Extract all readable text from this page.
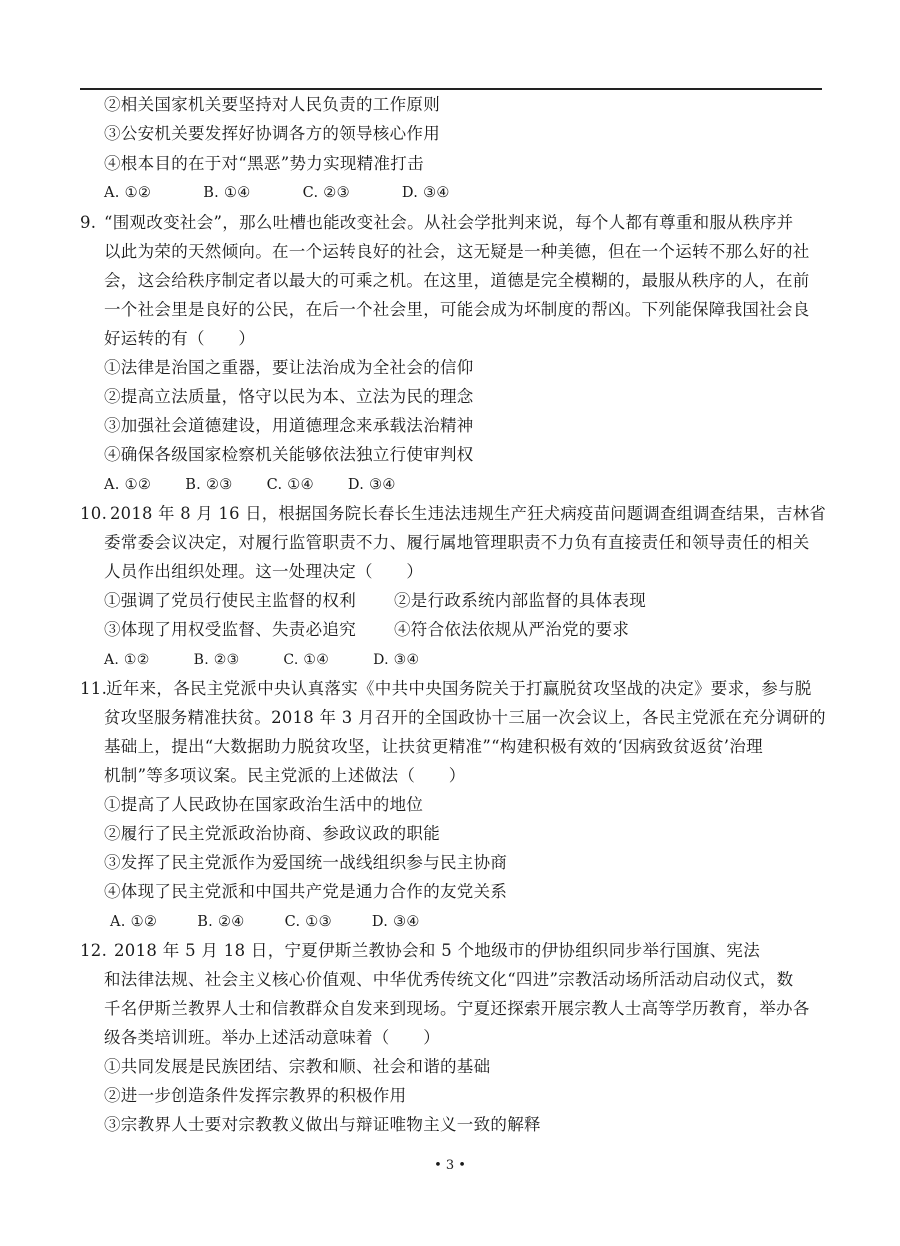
②相关国家机关要坚持对人民负责的工作原则
③公安机关要发挥好协调各方的领导核心作用
④根本目的在于对“黑恶”势力实现精准打击
A. ①②	B. ①④	C. ②③	D. ③④
9. “围观改变社会”，那么吐槽也能改变社会。从社会学批判来说，每个人都有尊重和服从秩序并
以此为荣的天然倾向。在一个运转良好的社会，这无疑是一种美德，但在一个运转不那么好的社
会，这会给秩序制定者以最大的可乘之机。在这里，道德是完全模糊的，最服从秩序的人，在前
一个社会里是良好的公民，在后一个社会里，可能会成为坏制度的帮凶。下列能保障我国社会良
好运转的有（　　）
①法律是治国之重器，要让法治成为全社会的信仰
②提高立法质量，恪守以民为本、立法为民的理念
③加强社会道德建设，用道德理念来承载法治精神
④确保各级国家检察机关能够依法独立行使审判权
A. ①② B. ②③ C. ①④ D. ③④
10. 2018 年 8 月 16 日，根据国务院长春长生违法违规生产狂犬病疫苗问题调查组调查结果，吉林省
委常委会议决定，对履行监管职责不力、履行属地管理职责不力负有直接责任和领导责任的相关
人员作出组织处理。这一处理决定（　　）
①强调了党员行使民主监督的权利 ②是行政系统内部监督的具体表现
③体现了用权受监督、失责必追究 ④符合依法依规从严治党的要求
A. ①②	B. ②③	C. ①④	D. ③④
11.
近年来，各民主党派中央认真落实《中共中央国务院关于打赢脱贫攻坚战的决定》要求，参与脱
贫攻坚服务精准扶贫。2018 年 3 月召开的全国政协十三届一次会议上，各民主党派在充分调研的
基础上，提出“大数据助力脱贫攻坚，让扶贫更精准”“构建积极有效的‘因病致贫返贫’治理
机制”等多项议案。民主党派的上述做法（　　）
①提高了人民政协在国家政治生活中的地位
②履行了民主党派政治协商、参政议政的职能
③发挥了民主党派作为爱国统一战线组织参与民主协商
④体现了民主党派和中国共产党是通力合作的友党关系
A. ①②	B. ②④	C. ①③	D. ③④
12. 2018 年 5 月 18 日，宁夏伊斯兰教协会和 5 个地级市的伊协组织同步举行国旗、宪法
和法律法规、社会主义核心价值观、中华优秀传统文化“四进”宗教活动场所活动启动仪式，数
千名伊斯兰教界人士和信教群众自发来到现场。宁夏还探索开展宗教人士高等学历教育，举办各
级各类培训班。举办上述活动意味着（　　）
①共同发展是民族团结、宗教和顺、社会和谐的基础
②进一步创造条件发挥宗教界的积极作用
③宗教界人士要对宗教教义做出与辩证唯物主义一致的解释
• 3 •
